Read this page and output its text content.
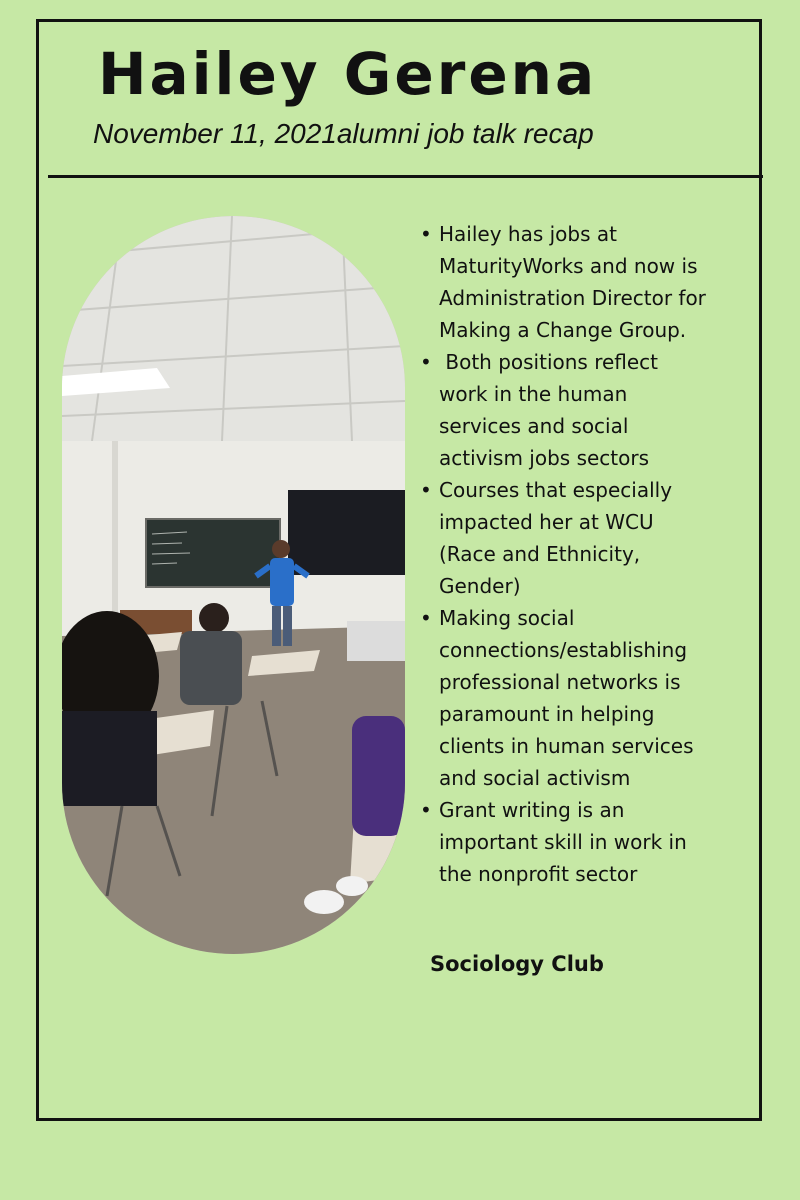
Hailey Gerena
November 11, 2021alumni job talk recap
• Hailey has jobs at MaturityWorks and now is Administration Director for Making a Change Group.
•  Both positions reflect work in the human services and social activism jobs sectors
• Courses that especially impacted her at WCU (Race and Ethnicity, Gender)
• Making social connections/establishing professional networks is paramount in helping clients in human services and social activism
• Grant writing is an important skill in work in the nonprofit sector
Sociology Club
